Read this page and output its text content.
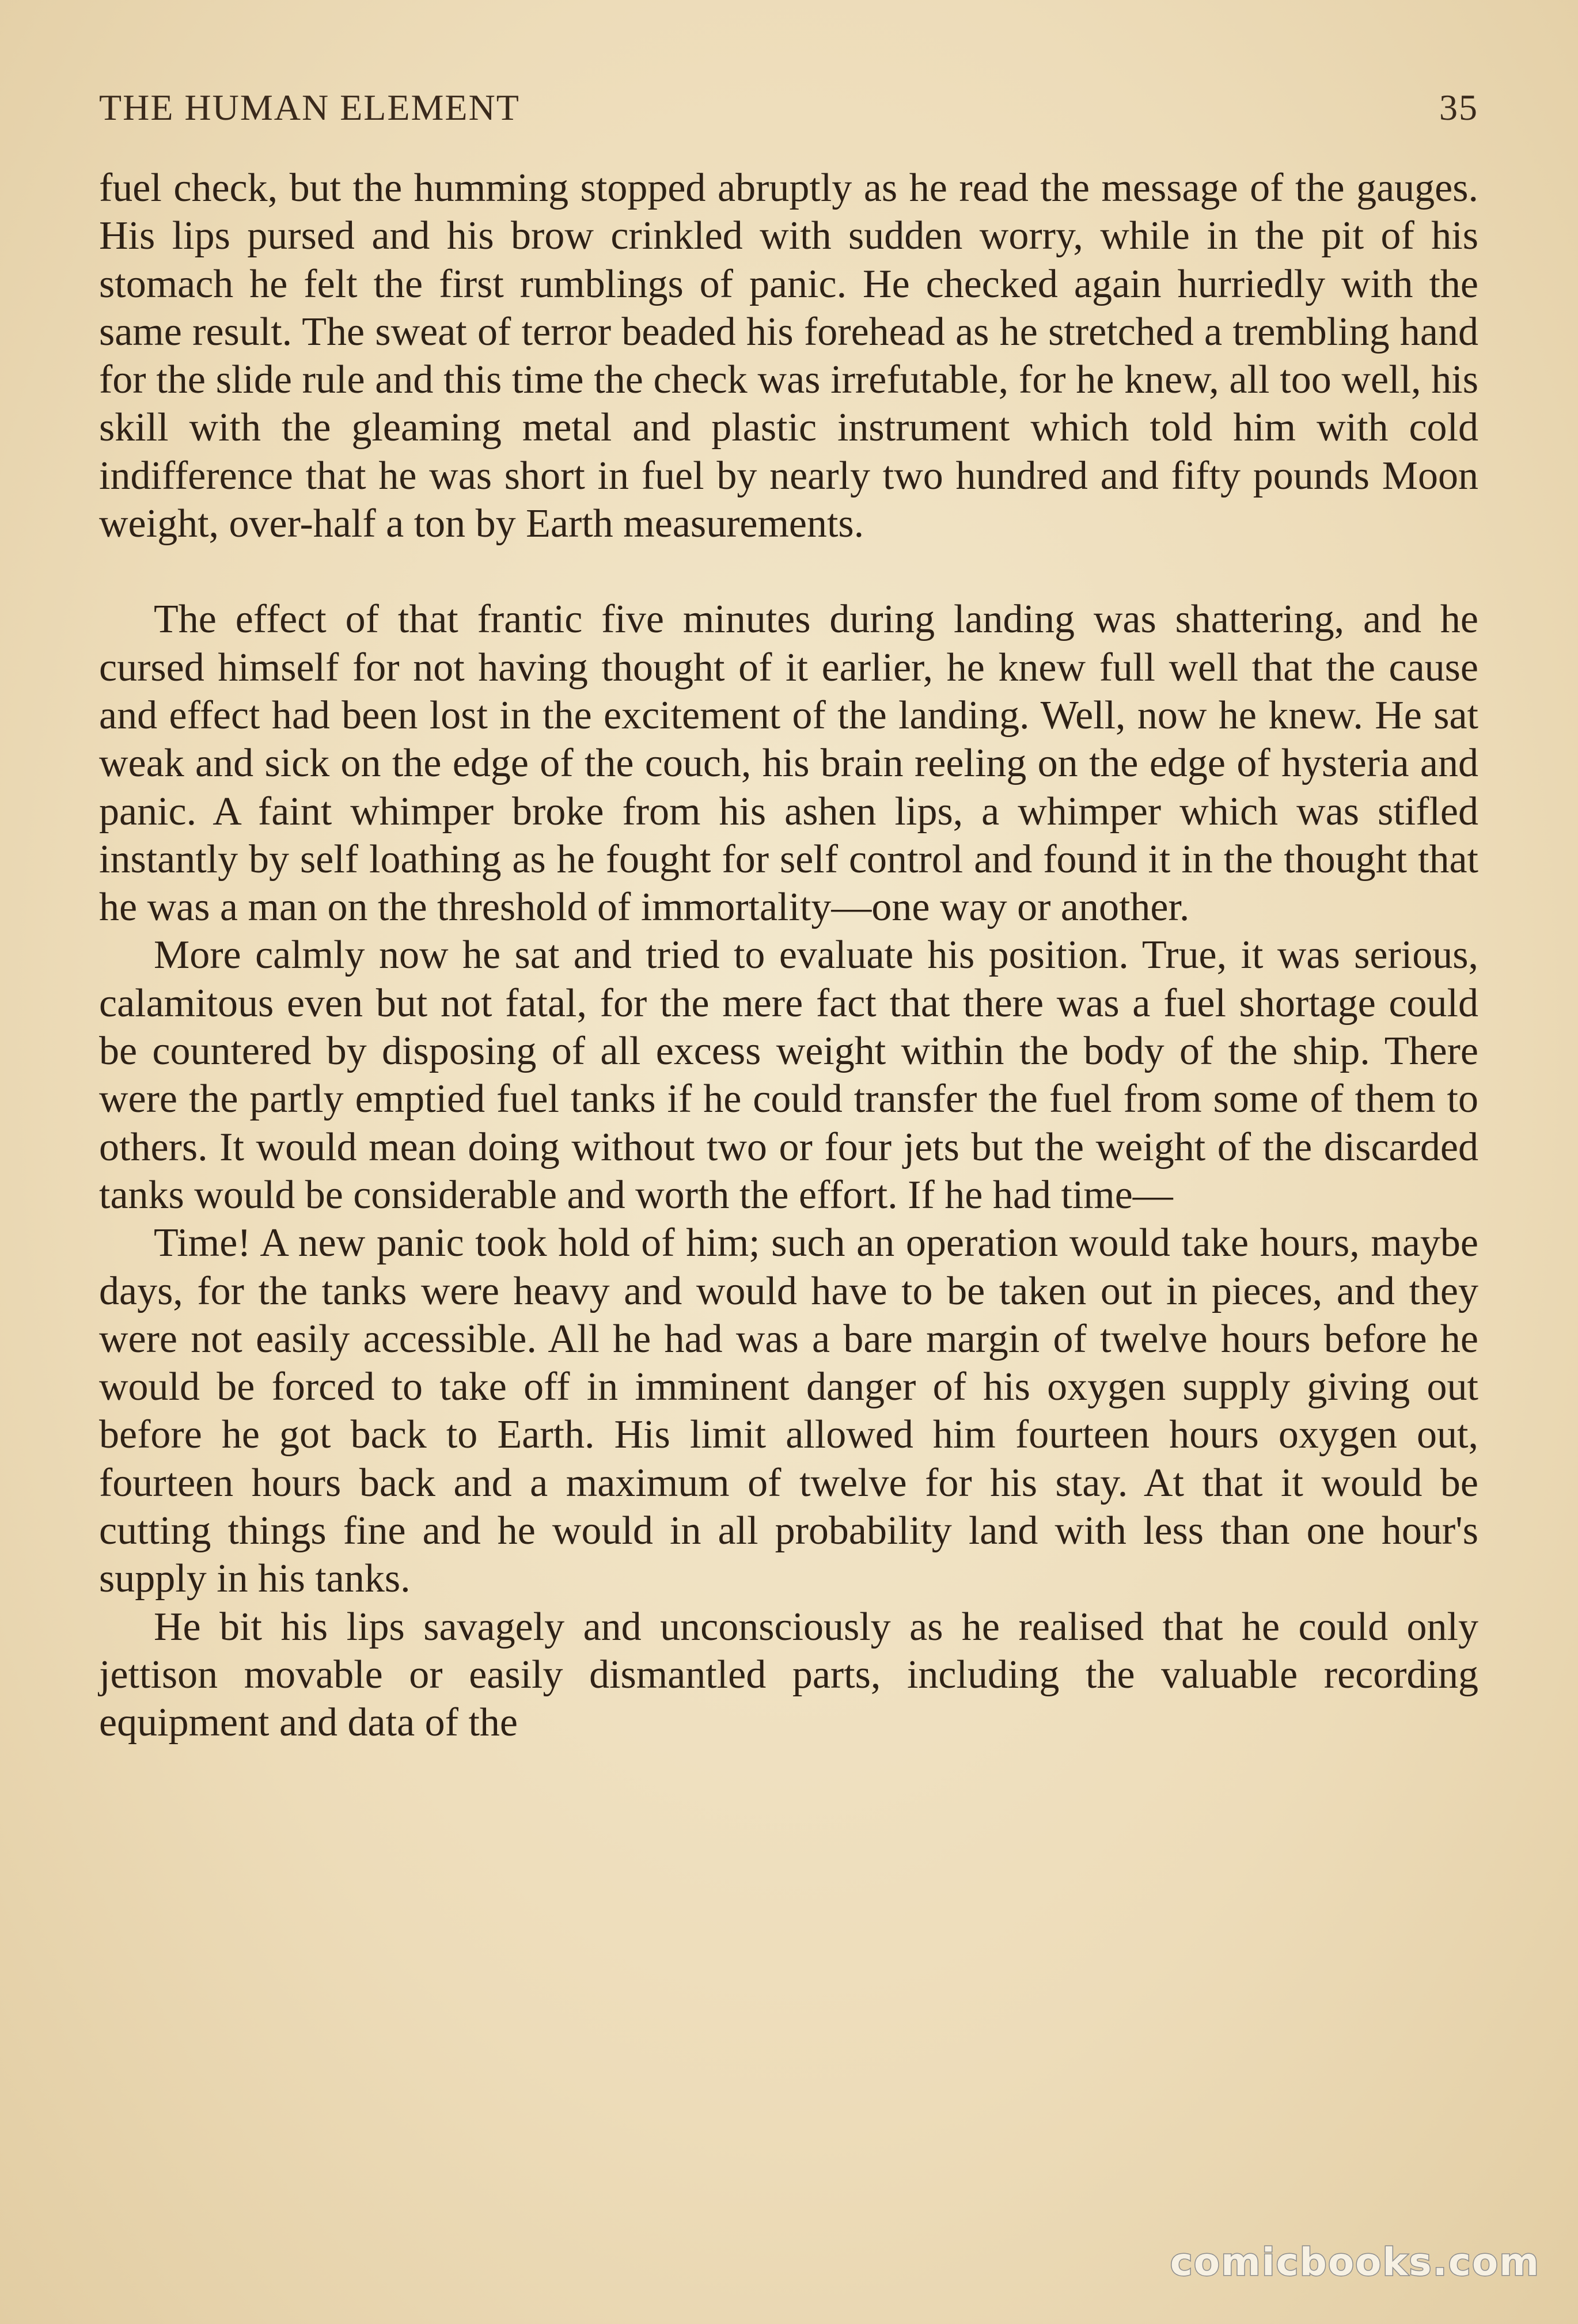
THE HUMAN ELEMENT	35

fuel check, but the humming stopped abruptly as he read the message of the gauges. His lips pursed and his brow crinkled with sudden worry, while in the pit of his stomach he felt the first rumblings of panic. He checked again hurriedly with the same result. The sweat of terror beaded his forehead as he stretched a trembling hand for the slide rule and this time the check was irrefutable, for he knew, all too well, his skill with the gleaming metal and plastic instrument which told him with cold indifference that he was short in fuel by nearly two hundred and fifty pounds Moon weight, over-half a ton by Earth measurements.

The effect of that frantic five minutes during landing was shattering, and he cursed himself for not having thought of it earlier, he knew full well that the cause and effect had been lost in the excitement of the landing. Well, now he knew. He sat weak and sick on the edge of the couch, his brain reeling on the edge of hysteria and panic. A faint whimper broke from his ashen lips, a whimper which was stifled instantly by self loathing as he fought for self control and found it in the thought that he was a man on the threshold of immortality—one way or another.

More calmly now he sat and tried to evaluate his position. True, it was serious, calamitous even but not fatal, for the mere fact that there was a fuel shortage could be countered by disposing of all excess weight within the body of the ship. There were the partly emptied fuel tanks if he could transfer the fuel from some of them to others. It would mean doing without two or four jets but the weight of the discarded tanks would be considerable and worth the effort. If he had time—

Time! A new panic took hold of him; such an operation would take hours, maybe days, for the tanks were heavy and would have to be taken out in pieces, and they were not easily accessible. All he had was a bare margin of twelve hours before he would be forced to take off in imminent danger of his oxygen supply giving out before he got back to Earth. His limit allowed him fourteen hours oxygen out, fourteen hours back and a maximum of twelve for his stay. At that it would be cutting things fine and he would in all probability land with less than one hour's supply in his tanks.

He bit his lips savagely and unconsciously as he realised that he could only jettison movable or easily dismantled parts, including the valuable recording equipment and data of the

comicbooks.com
